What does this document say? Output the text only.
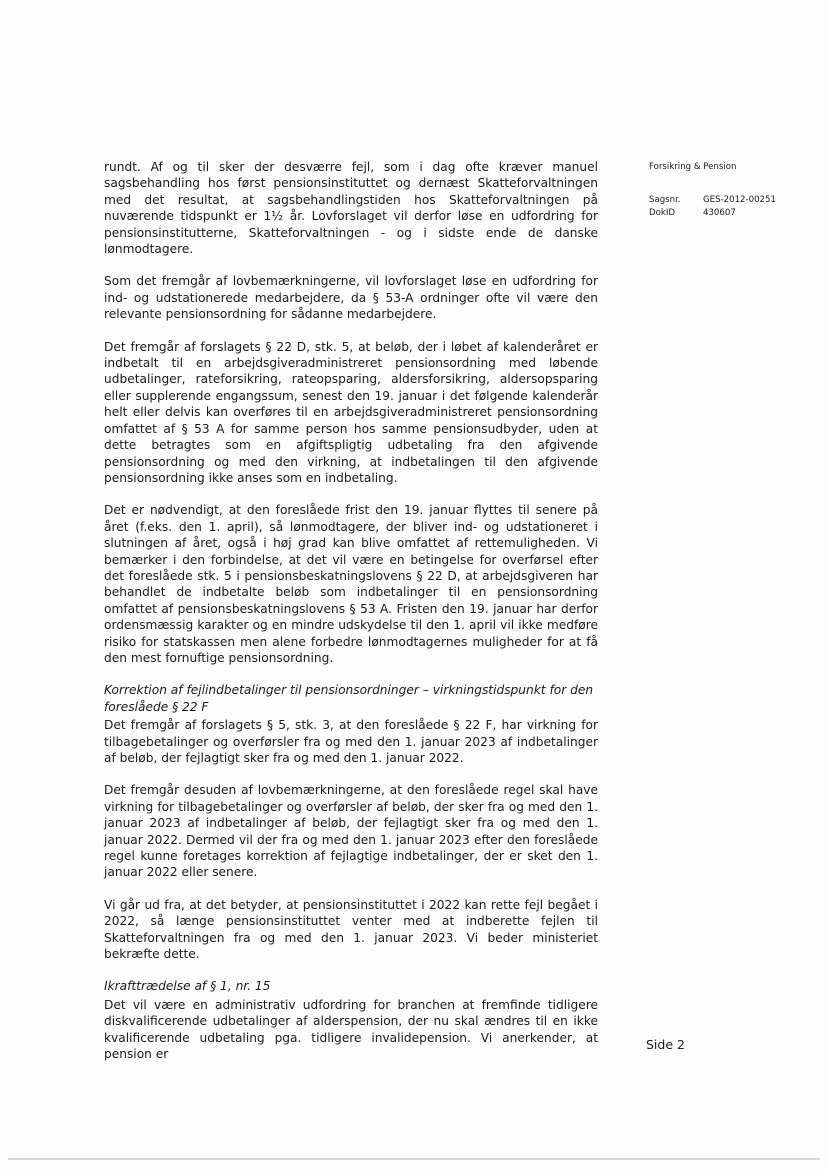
Forsikring & Pension
Sagsnr.	GES-2012-00251
DokID	430607

rundt. Af og til sker der desværre fejl, som i dag ofte kræver manuel sagsbehandling hos først pensionsinstituttet og dernæst Skatteforvaltningen med det resultat, at sagsbehandlingstiden hos Skatteforvaltningen på nuværende tidspunkt er 1½ år. Lovforslaget vil derfor løse en udfordring for pensionsinstitutterne, Skatteforvaltningen - og i sidste ende de danske lønmodtagere.

Som det fremgår af lovbemærkningerne, vil lovforslaget løse en udfordring for ind- og udstationerede medarbejdere, da § 53-A ordninger ofte vil være den relevante pensionsordning for sådanne medarbejdere.

Det fremgår af forslagets § 22 D, stk. 5, at beløb, der i løbet af kalenderåret er indbetalt til en arbejdsgiveradministreret pensionsordning med løbende udbetalinger, rateforsikring, rateopsparing, aldersforsikring, aldersopsparing eller supplerende engangssum, senest den 19. januar i det følgende kalenderår helt eller delvis kan overføres til en arbejdsgiveradministreret pensionsordning omfattet af § 53 A for samme person hos samme pensionsudbyder, uden at dette betragtes som en afgiftspligtig udbetaling fra den afgivende pensionsordning og med den virkning, at indbetalingen til den afgivende pensionsordning ikke anses som en indbetaling.

Det er nødvendigt, at den foreslåede frist den 19. januar flyttes til senere på året (f.eks. den 1. april), så lønmodtagere, der bliver ind- og udstationeret i slutningen af året, også i høj grad kan blive omfattet af rettemuligheden. Vi bemærker i den forbindelse, at det vil være en betingelse for overførsel efter det foreslåede stk. 5 i pensionsbeskatningslovens § 22 D, at arbejdsgiveren har behandlet de indbetalte beløb som indbetalinger til en pensionsordning omfattet af pensionsbeskatningslovens § 53 A. Fristen den 19. januar har derfor ordensmæssig karakter og en mindre udskydelse til den 1. april vil ikke medføre risiko for statskassen men alene forbedre lønmodtagernes muligheder for at få den mest fornuftige pensionsordning.

Korrektion af fejlindbetalinger til pensionsordninger – virkningstidspunkt for den foreslåede § 22 F

Det fremgår af forslagets § 5, stk. 3, at den foreslåede § 22 F, har virkning for tilbagebetalinger og overførsler fra og med den 1. januar 2023 af indbetalinger af beløb, der fejlagtigt sker fra og med den 1. januar 2022.

Det fremgår desuden af lovbemærkningerne, at den foreslåede regel skal have virkning for tilbagebetalinger og overførsler af beløb, der sker fra og med den 1. januar 2023 af indbetalinger af beløb, der fejlagtigt sker fra og med den 1. januar 2022. Dermed vil der fra og med den 1. januar 2023 efter den foreslåede regel kunne foretages korrektion af fejlagtige indbetalinger, der er sket den 1. januar 2022 eller senere.

Vi går ud fra, at det betyder, at pensionsinstituttet i 2022 kan rette fejl begået i 2022, så længe pensionsinstituttet venter med at indberette fejlen til Skatteforvaltningen fra og med den 1. januar 2023. Vi beder ministeriet bekræfte dette.

Ikrafttrædelse af § 1, nr. 15

Det vil være en administrativ udfordring for branchen at fremfinde tidligere diskvalificerende udbetalinger af alderspension, der nu skal ændres til en ikke kvalificerende udbetaling pga. tidligere invalidepension. Vi anerkender, at pension er

Side 2
